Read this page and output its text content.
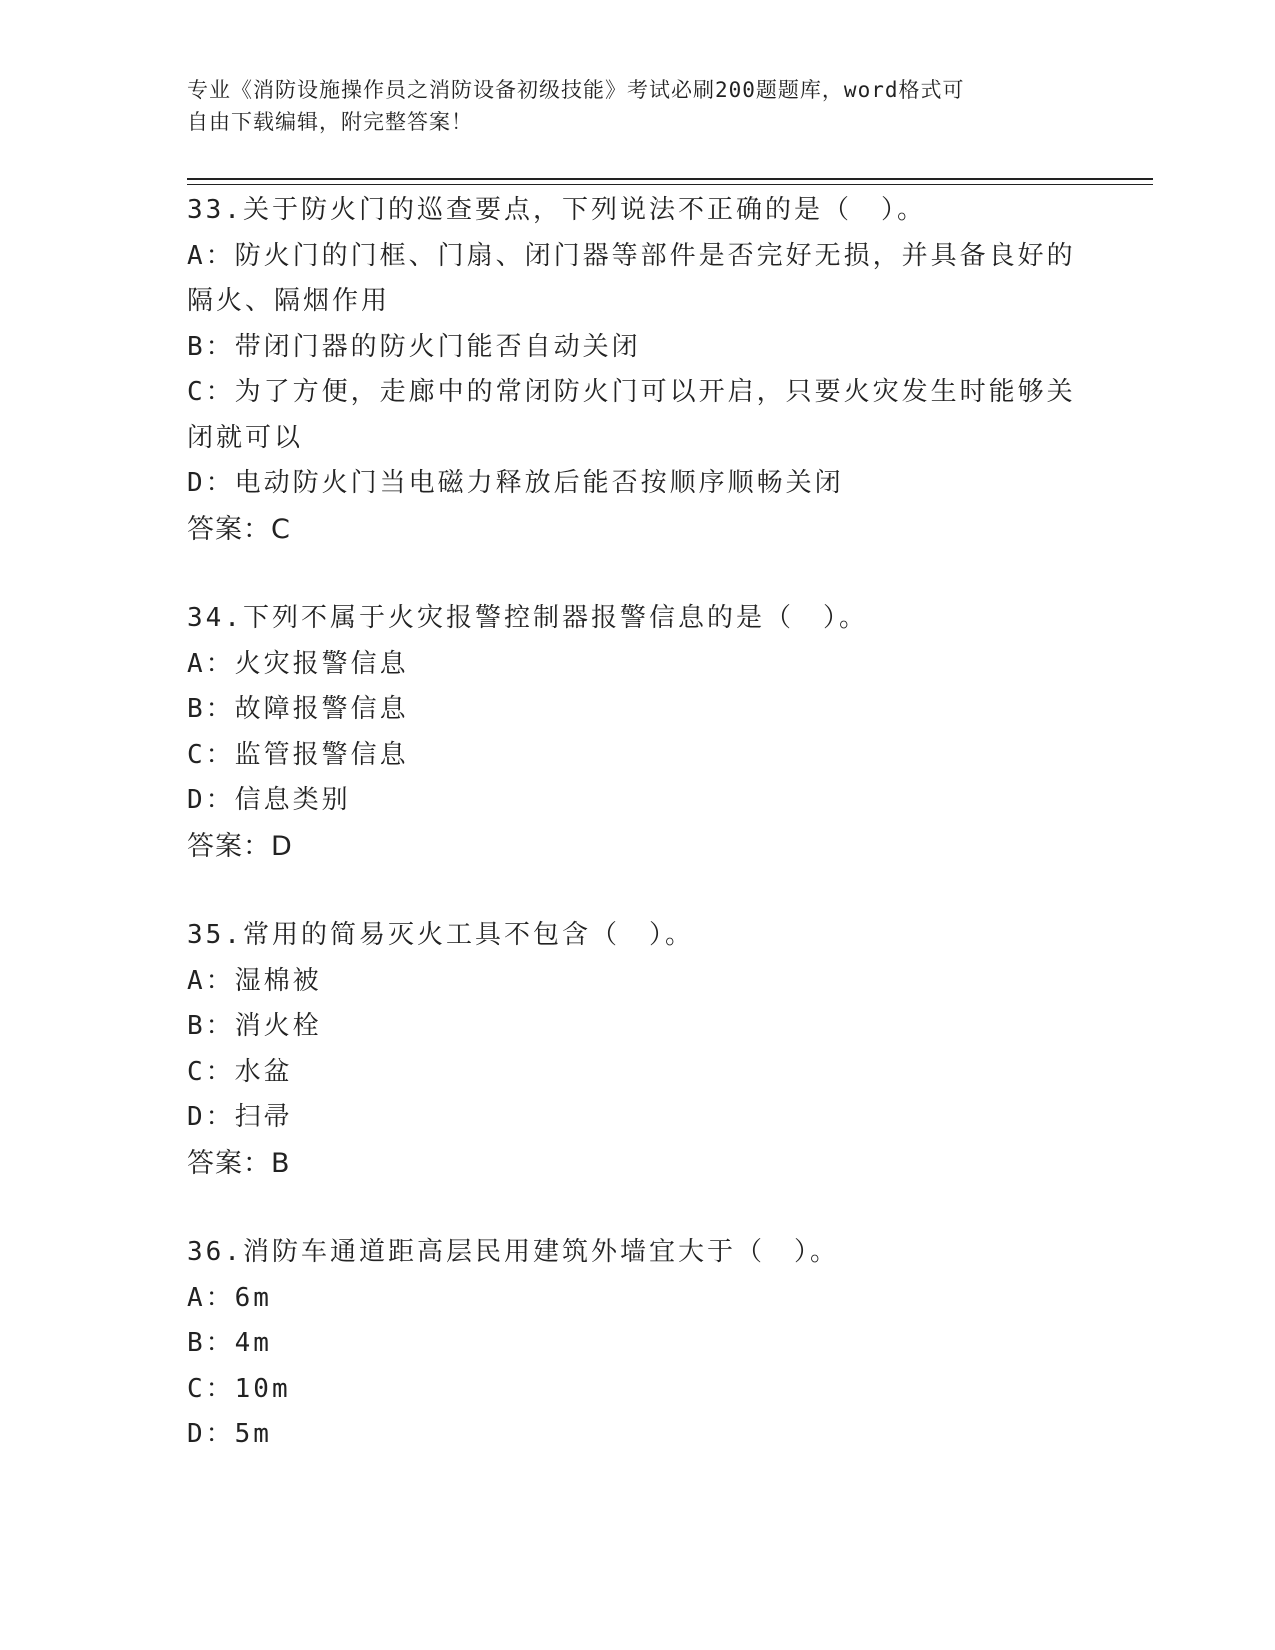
专业《消防设施操作员之消防设备初级技能》考试必刷200题题库，word格式可
自由下载编辑，附完整答案！
33.关于防火门的巡查要点，下列说法不正确的是（　）。
A：防火门的门框、门扇、闭门器等部件是否完好无损，并具备良好的
隔火、隔烟作用
B：带闭门器的防火门能否自动关闭
C：为了方便，走廊中的常闭防火门可以开启，只要火灾发生时能够关
闭就可以
D：电动防火门当电磁力释放后能否按顺序顺畅关闭
答案：C
34.下列不属于火灾报警控制器报警信息的是（　）。
A：火灾报警信息
B：故障报警信息
C：监管报警信息
D：信息类别
答案：D
35.常用的简易灭火工具不包含（　）。
A：湿棉被
B：消火栓
C：水盆
D：扫帚
答案：B
36.消防车通道距高层民用建筑外墙宜大于（　）。
A：6m
B：4m
C：10m
D：5m
